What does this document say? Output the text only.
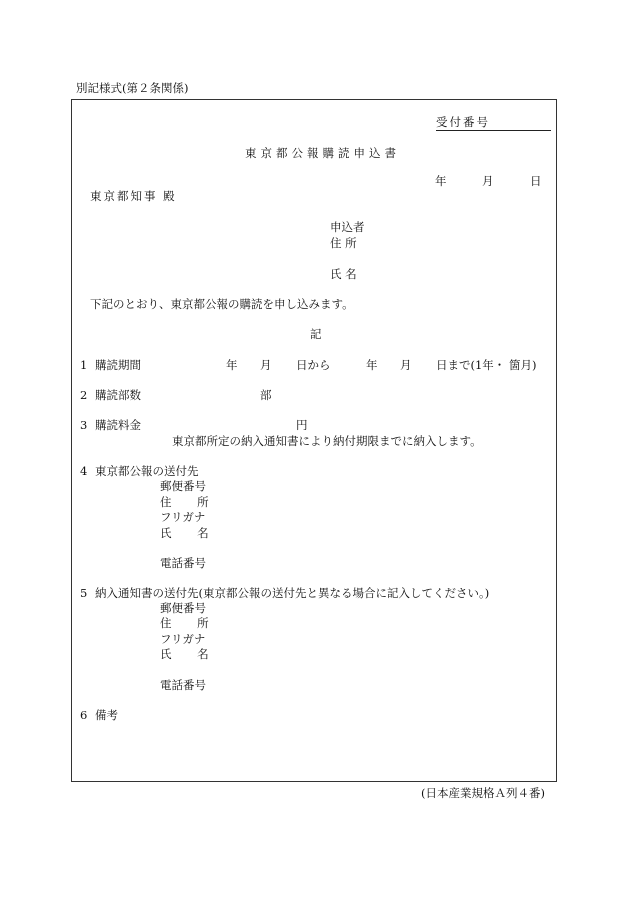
別記様式(第２条関係)
受付番号
東京都公報購読申込書
年	月	日
東京都知事 殿
申込者
住 所
氏 名
下記のとおり、東京都公報の購読を申し込みます。
記
1 購読期間	年 月 日から	年 月 日まで(1年・ 箇月)
2 購読部数	部
3 購読料金	円
東京都所定の納入通知書により納付期限までに納入します。
4 東京都公報の送付先
郵便番号
住 所
フリガナ
氏 名
電話番号
5 納入通知書の送付先(東京都公報の送付先と異なる場合に記入してください。)
郵便番号
住 所
フリガナ
氏 名
電話番号
6 備考
(日本産業規格Ａ列４番)
